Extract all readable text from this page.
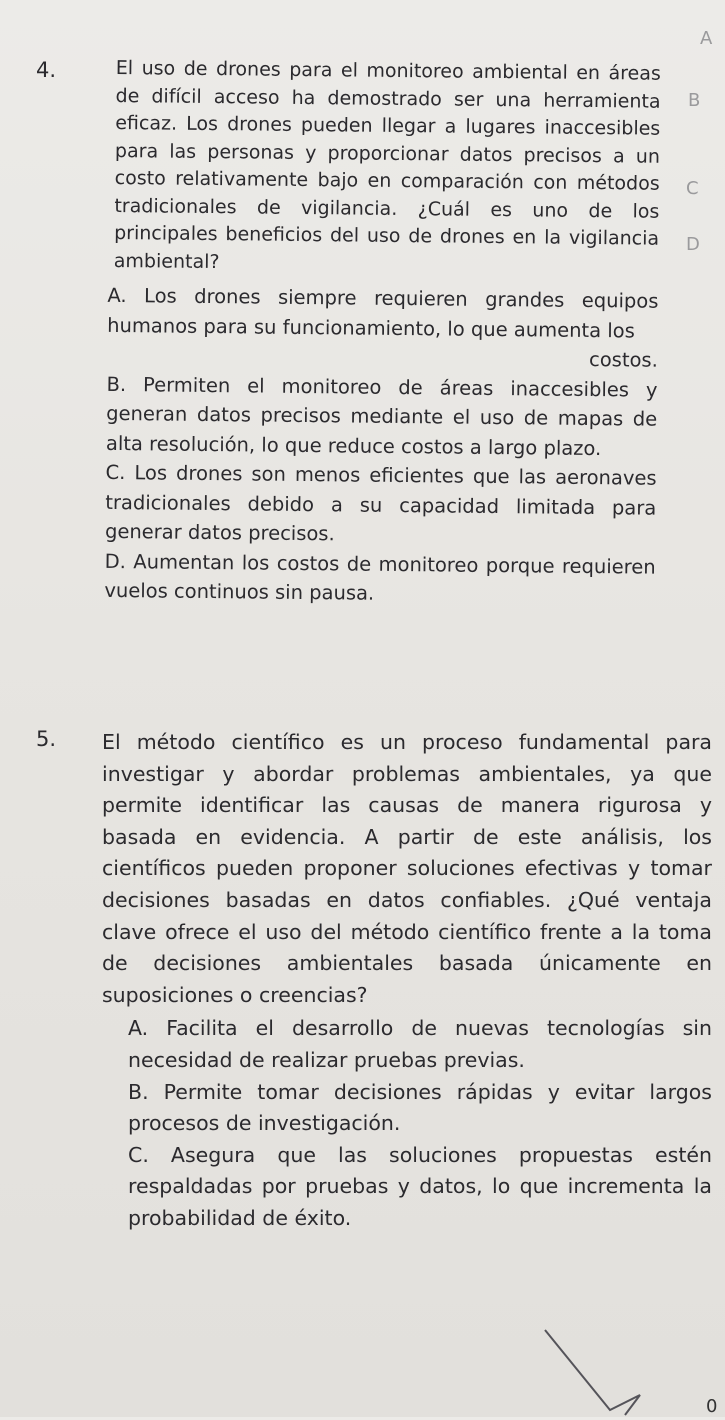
A
B
C
D
4.	El uso de drones para el monitoreo ambiental en áreas de difícil acceso ha demostrado ser una herramienta eficaz. Los drones pueden llegar a lugares inaccesibles para las personas y proporcionar datos precisos a un costo relativamente bajo en comparación con métodos tradicionales de vigilancia. ¿Cuál es uno de los principales beneficios del uso de drones en la vigilancia ambiental?
A. Los drones siempre requieren grandes equipos humanos para su funcionamiento, lo que aumenta los
costos.
B. Permiten el monitoreo de áreas inaccesibles y generan datos precisos mediante el uso de mapas de alta resolución, lo que reduce costos a largo plazo.
C. Los drones son menos eficientes que las aeronaves tradicionales debido a su capacidad limitada para generar datos precisos.
D. Aumentan los costos de monitoreo porque requieren vuelos continuos sin pausa.
5. El método científico es un proceso fundamental para investigar y abordar problemas ambientales, ya que permite identificar las causas de manera rigurosa y basada en evidencia. A partir de este análisis, los científicos pueden proponer soluciones efectivas y tomar decisiones basadas en datos confiables. ¿Qué ventaja clave ofrece el uso del método científico frente a la toma de decisiones ambientales basada únicamente en suposiciones o creencias?
A. Facilita el desarrollo de nuevas tecnologías sin necesidad de realizar pruebas previas.
B. Permite tomar decisiones rápidas y evitar largos procesos de investigación.
C. Asegura que las soluciones propuestas estén respaldadas por pruebas y datos, lo que incrementa la probabilidad de éxito.
0
